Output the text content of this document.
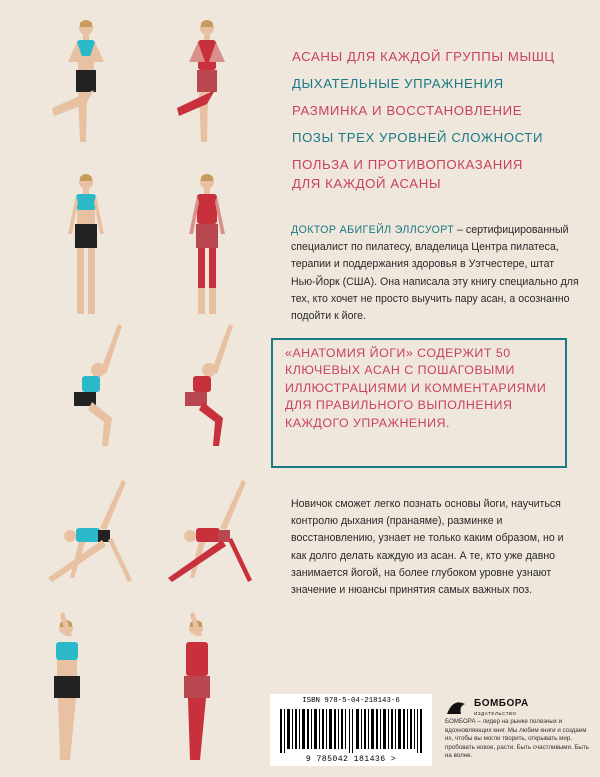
АСАНЫ ДЛЯ КАЖДОЙ ГРУППЫ МЫШЦ

ДЫХАТЕЛЬНЫЕ УПРАЖНЕНИЯ

РАЗМИНКА И ВОССТАНОВЛЕНИЕ

ПОЗЫ ТРЕХ УРОВНЕЙ СЛОЖНОСТИ

ПОЛЬЗА И ПРОТИВОПОКАЗАНИЯ

ДЛЯ КАЖДОЙ АСАНЫ

ДОКТОР АБИГЕЙЛ ЭЛЛСУОРТ – сертифицированный специалист по пилатесу, владелица Центра пилатеса, терапии и поддержания здоровья в Уэтчестере, штат Нью-Йорк (США). Она написала эту книгу специально для тех, кто хочет не просто выучить пару асан, а осознанно подойти к йоге.
«АНАТОМИЯ ЙОГИ» СОДЕРЖИТ 50 КЛЮЧЕВЫХ АСАН С ПОШАГОВЫМИ ИЛЛЮСТРАЦИЯМИ И КОММЕНТАРИЯМИ ДЛЯ ПРАВИЛЬНОГО ВЫПОЛНЕНИЯ КАЖДОГО УПРАЖНЕНИЯ.
Новичок сможет легко познать основы йоги, научиться контролю дыхания (пранаяме), разминке и восстановлению, узнает не только каким образом, но и как долго делать каждую из асан. А те, кто уже давно занимается йогой, на более глубоком уровне узнают значение и нюансы принятия самых важных поз.
ISBN 978-5-04-218143-6
9 785042 181436 >
БОМБОРА
ИЗДАТЕЛЬСТВО
БОМБОРА – лидер на рынке полезных и вдохновляющих книг. Мы любим книги и создаем их, чтобы вы могли творить, открывать мир, пробовать новое, расти. Быть счастливыми. Быть на волне.
